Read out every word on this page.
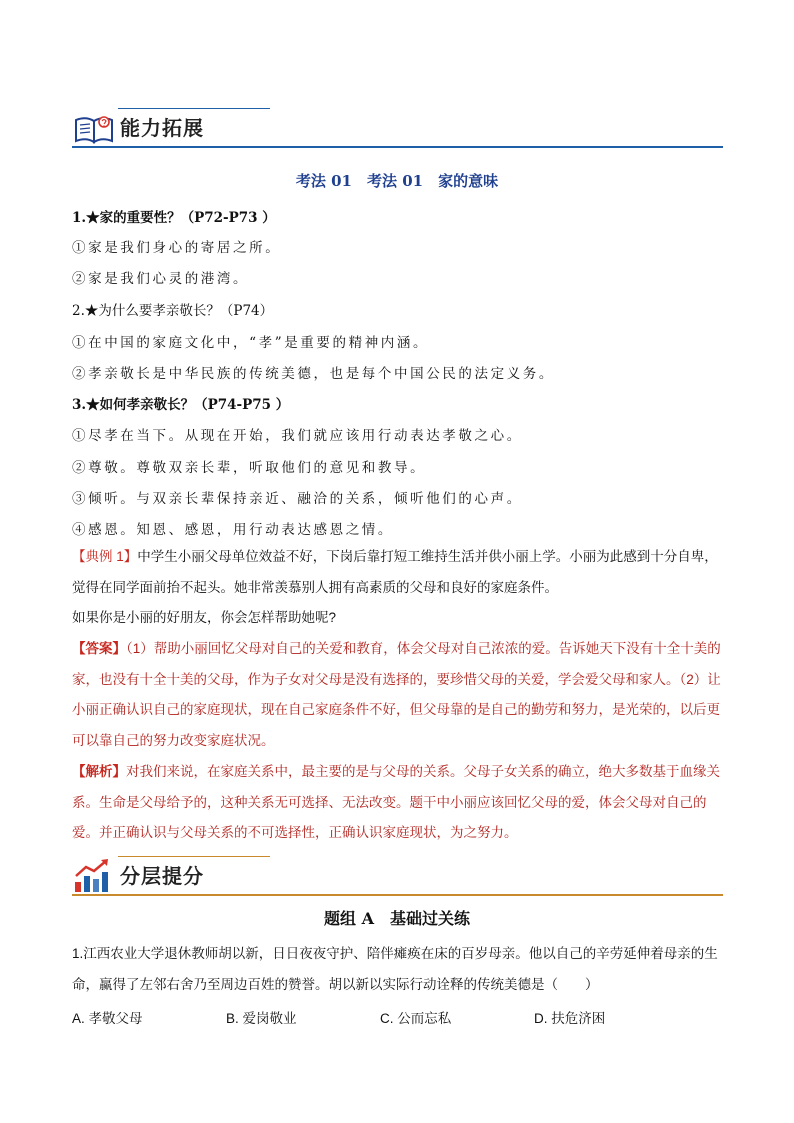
能力拓展
考法 01　考法 01　家的意味
1.★家的重要性？（P72-P73 ）
①家是我们身心的寄居之所。
②家是我们心灵的港湾。
2.★为什么要孝亲敬长？（P74）
①在中国的家庭文化中，“孝”是重要的精神内涵。
②孝亲敬长是中华民族的传统美德，也是每个中国公民的法定义务。
3.★如何孝亲敬长？（P74-P75 ）
①尽孝在当下。从现在开始，我们就应该用行动表达孝敬之心。
②尊敬。尊敬双亲长辈，听取他们的意见和教导。
③倾听。与双亲长辈保持亲近、融洽的关系，倾听他们的心声。
④感恩。知恩、感恩，用行动表达感恩之情。
【典例 1】中学生小丽父母单位效益不好，下岗后靠打短工维持生活并供小丽上学。小丽为此感到十分自卑，觉得在同学面前抬不起头。她非常羡慕别人拥有高素质的父母和良好的家庭条件。
如果你是小丽的好朋友，你会怎样帮助她呢?
【答案】（1）帮助小丽回忆父母对自己的关爱和教育，体会父母对自己浓浓的爱。告诉她天下没有十全十美的家，也没有十全十美的父母，作为子女对父母是没有选择的，要珍惜父母的关爱，学会爱父母和家人。（2）让小丽正确认识自己的家庭现状，现在自己家庭条件不好，但父母靠的是自己的勤劳和努力，是光荣的，以后更可以靠自己的努力改变家庭状况。
【解析】对我们来说，在家庭关系中，最主要的是与父母的关系。父母子女关系的确立，绝大多数基于血缘关系。生命是父母给予的，这种关系无可选择、无法改变。题干中小丽应该回忆父母的爱，体会父母对自己的爱。并正确认识与父母关系的不可选择性，正确认识家庭现状，为之努力。
分层提分
题组 A　基础过关练
1.江西农业大学退休教师胡以新，日日夜夜守护、陪伴瘫痪在床的百岁母亲。他以自己的辛劳延伸着母亲的生命，赢得了左邻右舍乃至周边百姓的赞誉。胡以新以实际行动诠释的传统美德是（　　）
A. 孝敬父母	B. 爱岗敬业	C. 公而忘私	D. 扶危济困
